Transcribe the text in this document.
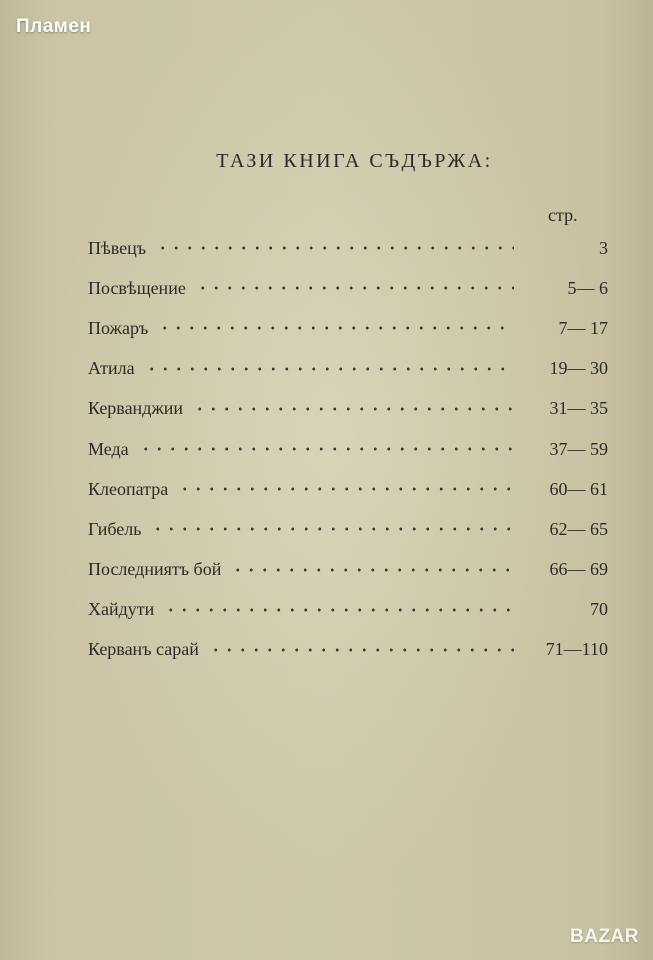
Пламен
ТАЗИ КНИГА СЪДЪРЖА:
стр.
Пѣвецъ	3
Посвѣщение	5— 6
Пожаръ	7— 17
Атила	19— 30
Керванджии	31— 35
Меда	37— 59
Клеопатра	60— 61
Гибель	62— 65
Последниятъ бой	66— 69
Хайдути	70
Керванъ сарай	71—110
BAZAR
